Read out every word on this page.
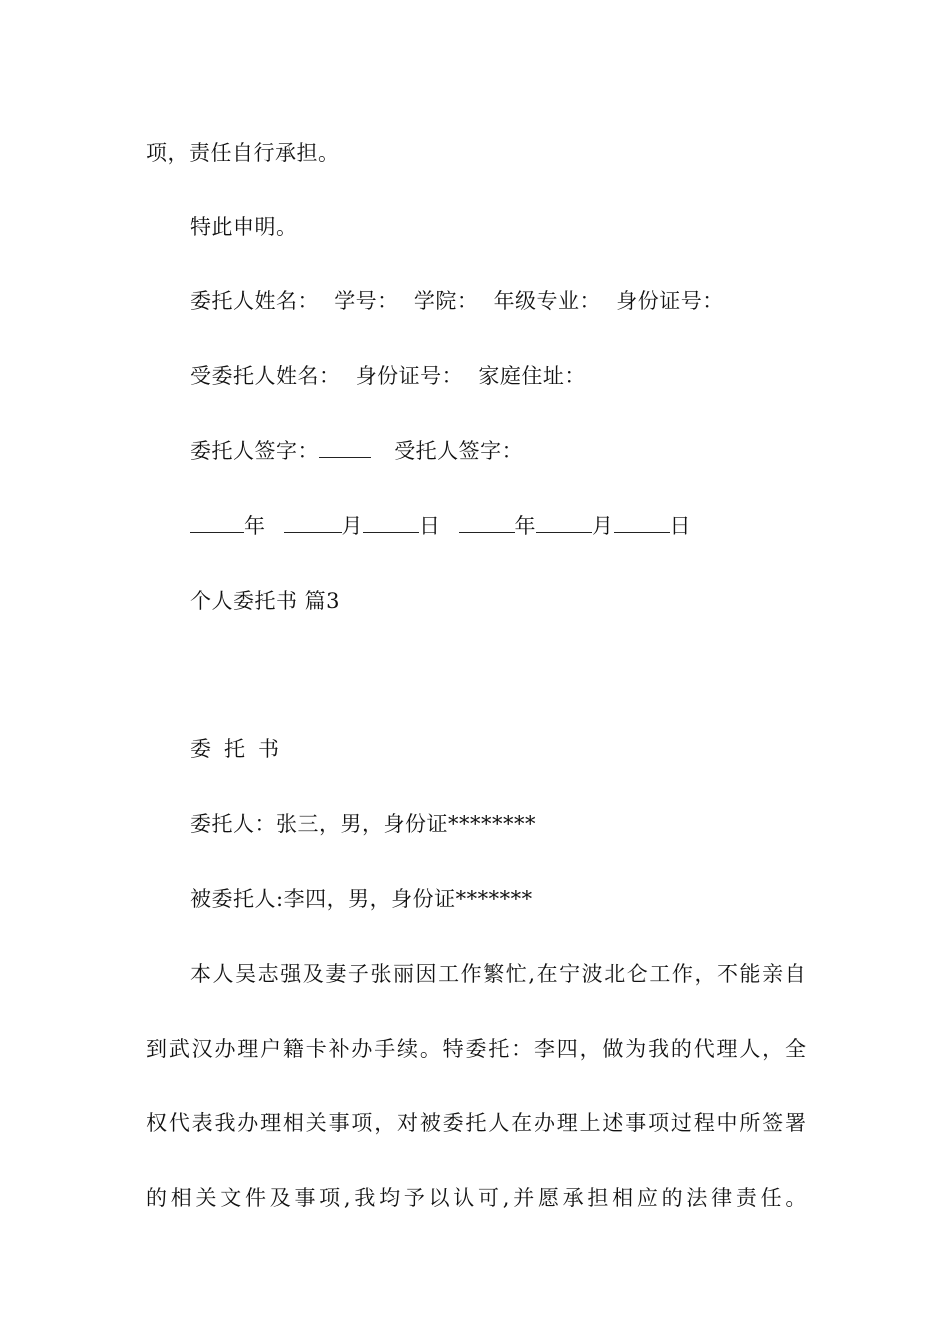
项，责任自行承担。
特此申明。
委托人姓名： 学号： 学院： 年级专业： 身份证号：
受委托人姓名： 身份证号： 家庭住址：
委托人签字：	受托人签字：
年	月	日	年	月	日
个人委托书 篇3
委托书
委托人：张三，男，身份证********
被委托人:李四，男，身份证*******
本人吴志强及妻子张丽因工作繁忙,在宁波北仑工作，不能亲自
到武汉办理户籍卡补办手续。特委托：李四，做为我的代理人，全
权代表我办理相关事项，对被委托人在办理上述事项过程中所签署
的相关文件及事项,我均予以认可,并愿承担相应的法律责任。
